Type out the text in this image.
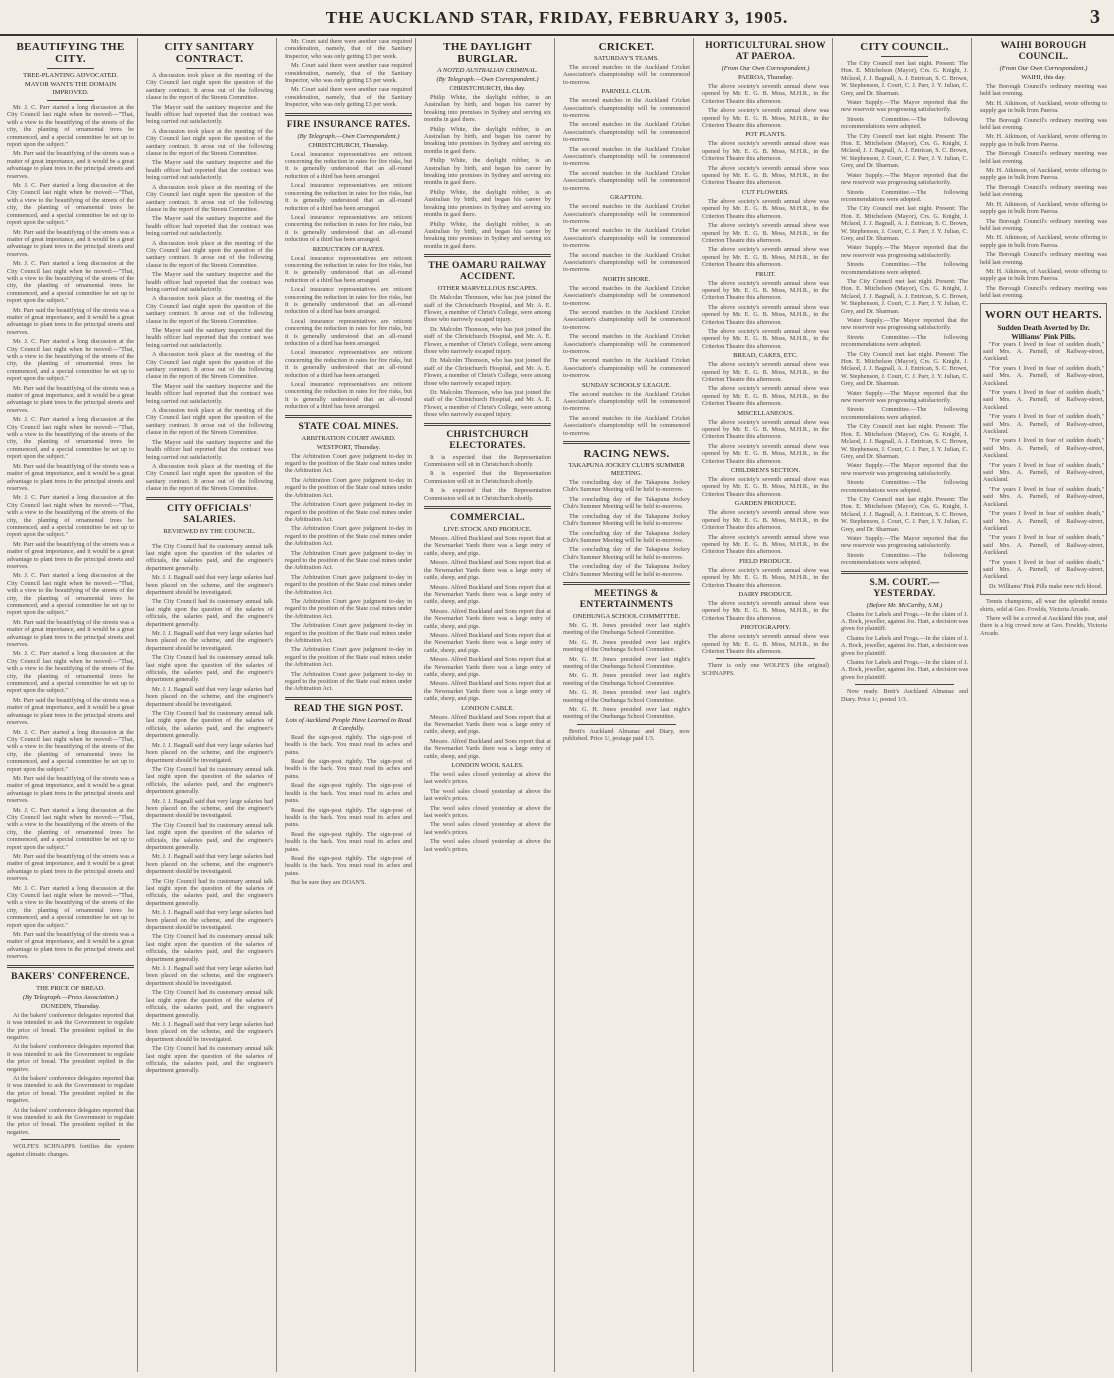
THE AUCKLAND STAR, FRIDAY, FEBRUARY 3, 1905.	3
BEAUTIFYING THE CITY.
TREE-PLANTING ADVOCATED.
MAYOR WANTS THE DOMAIN IMPROVED.

Mr. J. C. Parr started a long discussion at the City Council last night when he moved:—"That, with a view to the beautifying of the streets of the city, the planting of ornamental trees be commenced, and a special committee be set up to report upon the subject."

Mr. Parr said the beautifying of the streets was a matter of great importance, and it would be a great advantage to plant trees in the principal streets and reserves.

Mr. J. C. Parr started a long discussion at the City Council last night when he moved:—"That, with a view to the beautifying of the streets of the city, the planting of ornamental trees be commenced, and a special committee be set up to report upon the subject."

Mr. Parr said the beautifying of the streets was a matter of great importance, and it would be a great advantage to plant trees in the principal streets and reserves.

Mr. J. C. Parr started a long discussion at the City Council last night when he moved:—"That, with a view to the beautifying of the streets of the city, the planting of ornamental trees be commenced, and a special committee be set up to report upon the subject."

Mr. Parr said the beautifying of the streets was a matter of great importance, and it would be a great advantage to plant trees in the principal streets and reserves.

Mr. J. C. Parr started a long discussion at the City Council last night when he moved:—"That, with a view to the beautifying of the streets of the city, the planting of ornamental trees be commenced, and a special committee be set up to report upon the subject."

Mr. Parr said the beautifying of the streets was a matter of great importance, and it would be a great advantage to plant trees in the principal streets and reserves.

Mr. J. C. Parr started a long discussion at the City Council last night when he moved:—"That, with a view to the beautifying of the streets of the city, the planting of ornamental trees be commenced, and a special committee be set up to report upon the subject."

Mr. Parr said the beautifying of the streets was a matter of great importance, and it would be a great advantage to plant trees in the principal streets and reserves.

Mr. J. C. Parr started a long discussion at the City Council last night when he moved:—"That, with a view to the beautifying of the streets of the city, the planting of ornamental trees be commenced, and a special committee be set up to report upon the subject."

Mr. Parr said the beautifying of the streets was a matter of great importance, and it would be a great advantage to plant trees in the principal streets and reserves.

Mr. J. C. Parr started a long discussion at the City Council last night when he moved:—"That, with a view to the beautifying of the streets of the city, the planting of ornamental trees be commenced, and a special committee be set up to report upon the subject."

Mr. Parr said the beautifying of the streets was a matter of great importance, and it would be a great advantage to plant trees in the principal streets and reserves.

Mr. J. C. Parr started a long discussion at the City Council last night when he moved:—"That, with a view to the beautifying of the streets of the city, the planting of ornamental trees be commenced, and a special committee be set up to report upon the subject."

Mr. Parr said the beautifying of the streets was a matter of great importance, and it would be a great advantage to plant trees in the principal streets and reserves.

Mr. J. C. Parr started a long discussion at the City Council last night when he moved:—"That, with a view to the beautifying of the streets of the city, the planting of ornamental trees be commenced, and a special committee be set up to report upon the subject."

Mr. Parr said the beautifying of the streets was a matter of great importance, and it would be a great advantage to plant trees in the principal streets and reserves.

Mr. J. C. Parr started a long discussion at the City Council last night when he moved:—"That, with a view to the beautifying of the streets of the city, the planting of ornamental trees be commenced, and a special committee be set up to report upon the subject."

Mr. Parr said the beautifying of the streets was a matter of great importance, and it would be a great advantage to plant trees in the principal streets and reserves.

Mr. J. C. Parr started a long discussion at the City Council last night when he moved:—"That, with a view to the beautifying of the streets of the city, the planting of ornamental trees be commenced, and a special committee be set up to report upon the subject."

Mr. Parr said the beautifying of the streets was a matter of great importance, and it would be a great advantage to plant trees in the principal streets and reserves.

BAKERS' CONFERENCE.
THE PRICE OF BREAD.
(By Telegraph.—Press Association.)
DUNEDIN, Thursday.

At the bakers' conference delegates reported that it was intended to ask the Government to regulate the price of bread. The president replied in the negative.

At the bakers' conference delegates reported that it was intended to ask the Government to regulate the price of bread. The president replied in the negative.

At the bakers' conference delegates reported that it was intended to ask the Government to regulate the price of bread. The president replied in the negative.

At the bakers' conference delegates reported that it was intended to ask the Government to regulate the price of bread. The president replied in the negative.

WOLFE'S SCHNAPPS fortifies the system against climatic changes.

CITY SANITARY CONTRACT.

A discussion took place at the meeting of the City Council last night upon the question of the sanitary contract. It arose out of the following clause in the report of the Streets Committee.

The Mayor said the sanitary inspector and the health officer had reported that the contract was being carried out satisfactorily.

A discussion took place at the meeting of the City Council last night upon the question of the sanitary contract. It arose out of the following clause in the report of the Streets Committee.

The Mayor said the sanitary inspector and the health officer had reported that the contract was being carried out satisfactorily.

A discussion took place at the meeting of the City Council last night upon the question of the sanitary contract. It arose out of the following clause in the report of the Streets Committee.

The Mayor said the sanitary inspector and the health officer had reported that the contract was being carried out satisfactorily.

A discussion took place at the meeting of the City Council last night upon the question of the sanitary contract. It arose out of the following clause in the report of the Streets Committee.

The Mayor said the sanitary inspector and the health officer had reported that the contract was being carried out satisfactorily.

A discussion took place at the meeting of the City Council last night upon the question of the sanitary contract. It arose out of the following clause in the report of the Streets Committee.

The Mayor said the sanitary inspector and the health officer had reported that the contract was being carried out satisfactorily.

A discussion took place at the meeting of the City Council last night upon the question of the sanitary contract. It arose out of the following clause in the report of the Streets Committee.

The Mayor said the sanitary inspector and the health officer had reported that the contract was being carried out satisfactorily.

A discussion took place at the meeting of the City Council last night upon the question of the sanitary contract. It arose out of the following clause in the report of the Streets Committee.

The Mayor said the sanitary inspector and the health officer had reported that the contract was being carried out satisfactorily.

A discussion took place at the meeting of the City Council last night upon the question of the sanitary contract. It arose out of the following clause in the report of the Streets Committee.

CITY OFFICIALS' SALARIES.
REVIEWED BY THE COUNCIL.

The City Council had its customary annual talk last night upon the question of the salaries of officials, the salaries paid, and the engineer's department generally.

Mr. J. J. Bagnall said that very large salaries had been placed on the scheme, and the engineer's department should be investigated.

The City Council had its customary annual talk last night upon the question of the salaries of officials, the salaries paid, and the engineer's department generally.

Mr. J. J. Bagnall said that very large salaries had been placed on the scheme, and the engineer's department should be investigated.

The City Council had its customary annual talk last night upon the question of the salaries of officials, the salaries paid, and the engineer's department generally.

Mr. J. J. Bagnall said that very large salaries had been placed on the scheme, and the engineer's department should be investigated.

The City Council had its customary annual talk last night upon the question of the salaries of officials, the salaries paid, and the engineer's department generally.

Mr. J. J. Bagnall said that very large salaries had been placed on the scheme, and the engineer's department should be investigated.

The City Council had its customary annual talk last night upon the question of the salaries of officials, the salaries paid, and the engineer's department generally.

Mr. J. J. Bagnall said that very large salaries had been placed on the scheme, and the engineer's department should be investigated.

The City Council had its customary annual talk last night upon the question of the salaries of officials, the salaries paid, and the engineer's department generally.

Mr. J. J. Bagnall said that very large salaries had been placed on the scheme, and the engineer's department should be investigated.

The City Council had its customary annual talk last night upon the question of the salaries of officials, the salaries paid, and the engineer's department generally.

Mr. J. J. Bagnall said that very large salaries had been placed on the scheme, and the engineer's department should be investigated.

The City Council had its customary annual talk last night upon the question of the salaries of officials, the salaries paid, and the engineer's department generally.

Mr. J. J. Bagnall said that very large salaries had been placed on the scheme, and the engineer's department should be investigated.

The City Council had its customary annual talk last night upon the question of the salaries of officials, the salaries paid, and the engineer's department generally.

Mr. J. J. Bagnall said that very large salaries had been placed on the scheme, and the engineer's department should be investigated.

The City Council had its customary annual talk last night upon the question of the salaries of officials, the salaries paid, and the engineer's department generally.

Mr. Court said there were another case required consideration, namely, that of the Sanitary Inspector, who was only getting £3 per week.

Mr. Court said there were another case required consideration, namely, that of the Sanitary Inspector, who was only getting £3 per week.

Mr. Court said there were another case required consideration, namely, that of the Sanitary Inspector, who was only getting £3 per week.

FIRE INSURANCE RATES.
(By Telegraph.—Own Correspondent.)
CHRISTCHURCH, Thursday.

Local insurance representatives are reticent concerning the reduction in rates for fire risks, but it is generally understood that an all-round reduction of a third has been arranged.

Local insurance representatives are reticent concerning the reduction in rates for fire risks, but it is generally understood that an all-round reduction of a third has been arranged.

Local insurance representatives are reticent concerning the reduction in rates for fire risks, but it is generally understood that an all-round reduction of a third has been arranged.

REDUCTION OF RATES.

Local insurance representatives are reticent concerning the reduction in rates for fire risks, but it is generally understood that an all-round reduction of a third has been arranged.

Local insurance representatives are reticent concerning the reduction in rates for fire risks, but it is generally understood that an all-round reduction of a third has been arranged.

Local insurance representatives are reticent concerning the reduction in rates for fire risks, but it is generally understood that an all-round reduction of a third has been arranged.

Local insurance representatives are reticent concerning the reduction in rates for fire risks, but it is generally understood that an all-round reduction of a third has been arranged.

Local insurance representatives are reticent concerning the reduction in rates for fire risks, but it is generally understood that an all-round reduction of a third has been arranged.

STATE COAL MINES.
ARBITRATION COURT AWARD.
WESTPORT, Thursday.

The Arbitration Court gave judgment to-day in regard to the position of the State coal mines under the Arbitration Act.

The Arbitration Court gave judgment to-day in regard to the position of the State coal mines under the Arbitration Act.

The Arbitration Court gave judgment to-day in regard to the position of the State coal mines under the Arbitration Act.

The Arbitration Court gave judgment to-day in regard to the position of the State coal mines under the Arbitration Act.

The Arbitration Court gave judgment to-day in regard to the position of the State coal mines under the Arbitration Act.

The Arbitration Court gave judgment to-day in regard to the position of the State coal mines under the Arbitration Act.

The Arbitration Court gave judgment to-day in regard to the position of the State coal mines under the Arbitration Act.

The Arbitration Court gave judgment to-day in regard to the position of the State coal mines under the Arbitration Act.

The Arbitration Court gave judgment to-day in regard to the position of the State coal mines under the Arbitration Act.

The Arbitration Court gave judgment to-day in regard to the position of the State coal mines under the Arbitration Act.

READ THE SIGN POST.
Lots of Auckland People Have Learned to Read It Carefully.

Read the sign-post rightly. The sign-post of health is the back. You must read its aches and pains.

Read the sign-post rightly. The sign-post of health is the back. You must read its aches and pains.

Read the sign-post rightly. The sign-post of health is the back. You must read its aches and pains.

Read the sign-post rightly. The sign-post of health is the back. You must read its aches and pains.

Read the sign-post rightly. The sign-post of health is the back. You must read its aches and pains.

Read the sign-post rightly. The sign-post of health is the back. You must read its aches and pains.

But be sure they are DOAN'S.

THE DAYLIGHT BURGLAR.
A NOTED AUSTRALIAN CRIMINAL.
(By Telegraph.—Own Correspondent.)
CHRISTCHURCH, this day.

Philip White, the daylight robber, is an Australian by birth, and began his career by breaking into premises in Sydney and serving six months in gaol there.

Philip White, the daylight robber, is an Australian by birth, and began his career by breaking into premises in Sydney and serving six months in gaol there.

Philip White, the daylight robber, is an Australian by birth, and began his career by breaking into premises in Sydney and serving six months in gaol there.

Philip White, the daylight robber, is an Australian by birth, and began his career by breaking into premises in Sydney and serving six months in gaol there.

Philip White, the daylight robber, is an Australian by birth, and began his career by breaking into premises in Sydney and serving six months in gaol there.

THE OAMARU RAILWAY ACCIDENT.
OTHER MARVELLOUS ESCAPES.

Dr. Malcolm Thomson, who has just joined the staff of the Christchurch Hospital, and Mr. A. E. Flower, a member of Christ's College, were among those who narrowly escaped injury.

Dr. Malcolm Thomson, who has just joined the staff of the Christchurch Hospital, and Mr. A. E. Flower, a member of Christ's College, were among those who narrowly escaped injury.

Dr. Malcolm Thomson, who has just joined the staff of the Christchurch Hospital, and Mr. A. E. Flower, a member of Christ's College, were among those who narrowly escaped injury.

Dr. Malcolm Thomson, who has just joined the staff of the Christchurch Hospital, and Mr. A. E. Flower, a member of Christ's College, were among those who narrowly escaped injury.

CHRISTCHURCH ELECTORATES.

It is expected that the Representation Commission will sit in Christchurch shortly.

It is expected that the Representation Commission will sit in Christchurch shortly.

It is expected that the Representation Commission will sit in Christchurch shortly.

COMMERCIAL.
LIVE STOCK AND PRODUCE.

Messrs. Alfred Buckland and Sons report that at the Newmarket Yards there was a large entry of cattle, sheep, and pigs.

Messrs. Alfred Buckland and Sons report that at the Newmarket Yards there was a large entry of cattle, sheep, and pigs.

Messrs. Alfred Buckland and Sons report that at the Newmarket Yards there was a large entry of cattle, sheep, and pigs.

Messrs. Alfred Buckland and Sons report that at the Newmarket Yards there was a large entry of cattle, sheep, and pigs.

Messrs. Alfred Buckland and Sons report that at the Newmarket Yards there was a large entry of cattle, sheep, and pigs.

Messrs. Alfred Buckland and Sons report that at the Newmarket Yards there was a large entry of cattle, sheep, and pigs.

Messrs. Alfred Buckland and Sons report that at the Newmarket Yards there was a large entry of cattle, sheep, and pigs.

LONDON CABLE.

Messrs. Alfred Buckland and Sons report that at the Newmarket Yards there was a large entry of cattle, sheep, and pigs.

Messrs. Alfred Buckland and Sons report that at the Newmarket Yards there was a large entry of cattle, sheep, and pigs.

LONDON WOOL SALES.

The wool sales closed yesterday at above the last week's prices.

The wool sales closed yesterday at above the last week's prices.

The wool sales closed yesterday at above the last week's prices.

The wool sales closed yesterday at above the last week's prices.

The wool sales closed yesterday at above the last week's prices.

CRICKET.
SATURDAY'S TEAMS.

The second matches in the Auckland Cricket Association's championship will be commenced to-morrow.

PARNELL CLUB.

The second matches in the Auckland Cricket Association's championship will be commenced to-morrow.

The second matches in the Auckland Cricket Association's championship will be commenced to-morrow.

The second matches in the Auckland Cricket Association's championship will be commenced to-morrow.

The second matches in the Auckland Cricket Association's championship will be commenced to-morrow.

GRAFTON.

The second matches in the Auckland Cricket Association's championship will be commenced to-morrow.

The second matches in the Auckland Cricket Association's championship will be commenced to-morrow.

The second matches in the Auckland Cricket Association's championship will be commenced to-morrow.

NORTH SHORE.

The second matches in the Auckland Cricket Association's championship will be commenced to-morrow.

The second matches in the Auckland Cricket Association's championship will be commenced to-morrow.

The second matches in the Auckland Cricket Association's championship will be commenced to-morrow.

The second matches in the Auckland Cricket Association's championship will be commenced to-morrow.

SUNDAY SCHOOLS' LEAGUE.

The second matches in the Auckland Cricket Association's championship will be commenced to-morrow.

The second matches in the Auckland Cricket Association's championship will be commenced to-morrow.

RACING NEWS.
TAKAPUNA JOCKEY CLUB'S SUMMER MEETING.

The concluding day of the Takapuna Jockey Club's Summer Meeting will be held to-morrow.

The concluding day of the Takapuna Jockey Club's Summer Meeting will be held to-morrow.

The concluding day of the Takapuna Jockey Club's Summer Meeting will be held to-morrow.

The concluding day of the Takapuna Jockey Club's Summer Meeting will be held to-morrow.

The concluding day of the Takapuna Jockey Club's Summer Meeting will be held to-morrow.

The concluding day of the Takapuna Jockey Club's Summer Meeting will be held to-morrow.

MEETINGS & ENTERTAINMENTS
ONEHUNGA SCHOOL COMMITTEE.

Mr. G. H. Jones presided over last night's meeting of the Onehunga School Committee.

Mr. G. H. Jones presided over last night's meeting of the Onehunga School Committee.

Mr. G. H. Jones presided over last night's meeting of the Onehunga School Committee.

Mr. G. H. Jones presided over last night's meeting of the Onehunga School Committee.

Mr. G. H. Jones presided over last night's meeting of the Onehunga School Committee.

Mr. G. H. Jones presided over last night's meeting of the Onehunga School Committee.

Brett's Auckland Almanac and Diary, now published. Price 1/, postage paid 1/3.

HORTICULTURAL SHOW AT PAEROA.
(From Our Own Correspondent.)
PAEROA, Thursday.

The above society's seventh annual show was opened by Mr. E. G. B. Moss, M.H.R., in the Criterion Theatre this afternoon.

The above society's seventh annual show was opened by Mr. E. G. B. Moss, M.H.R., in the Criterion Theatre this afternoon.

POT PLANTS.

The above society's seventh annual show was opened by Mr. E. G. B. Moss, M.H.R., in the Criterion Theatre this afternoon.

The above society's seventh annual show was opened by Mr. E. G. B. Moss, M.H.R., in the Criterion Theatre this afternoon.

CUT FLOWERS.

The above society's seventh annual show was opened by Mr. E. G. B. Moss, M.H.R., in the Criterion Theatre this afternoon.

The above society's seventh annual show was opened by Mr. E. G. B. Moss, M.H.R., in the Criterion Theatre this afternoon.

The above society's seventh annual show was opened by Mr. E. G. B. Moss, M.H.R., in the Criterion Theatre this afternoon.

FRUIT.

The above society's seventh annual show was opened by Mr. E. G. B. Moss, M.H.R., in the Criterion Theatre this afternoon.

The above society's seventh annual show was opened by Mr. E. G. B. Moss, M.H.R., in the Criterion Theatre this afternoon.

The above society's seventh annual show was opened by Mr. E. G. B. Moss, M.H.R., in the Criterion Theatre this afternoon.

BREAD, CAKES, ETC.

The above society's seventh annual show was opened by Mr. E. G. B. Moss, M.H.R., in the Criterion Theatre this afternoon.

The above society's seventh annual show was opened by Mr. E. G. B. Moss, M.H.R., in the Criterion Theatre this afternoon.

MISCELLANEOUS.

The above society's seventh annual show was opened by Mr. E. G. B. Moss, M.H.R., in the Criterion Theatre this afternoon.

The above society's seventh annual show was opened by Mr. E. G. B. Moss, M.H.R., in the Criterion Theatre this afternoon.

CHILDREN'S SECTION.

The above society's seventh annual show was opened by Mr. E. G. B. Moss, M.H.R., in the Criterion Theatre this afternoon.

GARDEN PRODUCE.

The above society's seventh annual show was opened by Mr. E. G. B. Moss, M.H.R., in the Criterion Theatre this afternoon.

The above society's seventh annual show was opened by Mr. E. G. B. Moss, M.H.R., in the Criterion Theatre this afternoon.

FIELD PRODUCE.

The above society's seventh annual show was opened by Mr. E. G. B. Moss, M.H.R., in the Criterion Theatre this afternoon.

DAIRY PRODUCE.

The above society's seventh annual show was opened by Mr. E. G. B. Moss, M.H.R., in the Criterion Theatre this afternoon.

PHOTOGRAPHY.

The above society's seventh annual show was opened by Mr. E. G. B. Moss, M.H.R., in the Criterion Theatre this afternoon.

There is only one WOLFE'S (the original) SCHNAPPS.

CITY COUNCIL.

The City Council met last night. Present: The Hon. E. Mitchelson (Mayor), Crs. G. Knight, J. Mclaod, J. J. Bagnall, A. J. Entrican, S. C. Brown, W. Stephenson, J. Court, C. J. Parr, J. Y. Julian, C. Grey, and Dr. Sharman.

Water Supply.—The Mayor reported that the new reservoir was progressing satisfactorily.

Streets Committee.—The following recommendations were adopted.

The City Council met last night. Present: The Hon. E. Mitchelson (Mayor), Crs. G. Knight, J. Mclaod, J. J. Bagnall, A. J. Entrican, S. C. Brown, W. Stephenson, J. Court, C. J. Parr, J. Y. Julian, C. Grey, and Dr. Sharman.

Water Supply.—The Mayor reported that the new reservoir was progressing satisfactorily.

Streets Committee.—The following recommendations were adopted.

The City Council met last night. Present: The Hon. E. Mitchelson (Mayor), Crs. G. Knight, J. Mclaod, J. J. Bagnall, A. J. Entrican, S. C. Brown, W. Stephenson, J. Court, C. J. Parr, J. Y. Julian, C. Grey, and Dr. Sharman.

Water Supply.—The Mayor reported that the new reservoir was progressing satisfactorily.

Streets Committee.—The following recommendations were adopted.

The City Council met last night. Present: The Hon. E. Mitchelson (Mayor), Crs. G. Knight, J. Mclaod, J. J. Bagnall, A. J. Entrican, S. C. Brown, W. Stephenson, J. Court, C. J. Parr, J. Y. Julian, C. Grey, and Dr. Sharman.

Water Supply.—The Mayor reported that the new reservoir was progressing satisfactorily.

Streets Committee.—The following recommendations were adopted.

The City Council met last night. Present: The Hon. E. Mitchelson (Mayor), Crs. G. Knight, J. Mclaod, J. J. Bagnall, A. J. Entrican, S. C. Brown, W. Stephenson, J. Court, C. J. Parr, J. Y. Julian, C. Grey, and Dr. Sharman.

Water Supply.—The Mayor reported that the new reservoir was progressing satisfactorily.

Streets Committee.—The following recommendations were adopted.

The City Council met last night. Present: The Hon. E. Mitchelson (Mayor), Crs. G. Knight, J. Mclaod, J. J. Bagnall, A. J. Entrican, S. C. Brown, W. Stephenson, J. Court, C. J. Parr, J. Y. Julian, C. Grey, and Dr. Sharman.

Water Supply.—The Mayor reported that the new reservoir was progressing satisfactorily.

Streets Committee.—The following recommendations were adopted.

The City Council met last night. Present: The Hon. E. Mitchelson (Mayor), Crs. G. Knight, J. Mclaod, J. J. Bagnall, A. J. Entrican, S. C. Brown, W. Stephenson, J. Court, C. J. Parr, J. Y. Julian, C. Grey, and Dr. Sharman.

Water Supply.—The Mayor reported that the new reservoir was progressing satisfactorily.

Streets Committee.—The following recommendations were adopted.

S.M. COURT.—YESTERDAY.
(Before Mr. McCarthy, S.M.)

Chains for Labels and Frogs.—In the claim of J. A. Bock, jeweller, against Jos. Hart, a decision was given for plaintiff.

Chains for Labels and Frogs.—In the claim of J. A. Bock, jeweller, against Jos. Hart, a decision was given for plaintiff.

Chains for Labels and Frogs.—In the claim of J. A. Bock, jeweller, against Jos. Hart, a decision was given for plaintiff.

Now ready. Brett's Auckland Almanac and Diary. Price 1/, posted 1/3.

WAIHI BOROUGH COUNCIL.
(From Our Own Correspondent.)
WAIHI, this day.

The Borough Council's ordinary meeting was held last evening.

Mr. H. Atkinson, of Auckland, wrote offering to supply gas in bulk from Paeroa.

The Borough Council's ordinary meeting was held last evening.

Mr. H. Atkinson, of Auckland, wrote offering to supply gas in bulk from Paeroa.

The Borough Council's ordinary meeting was held last evening.

Mr. H. Atkinson, of Auckland, wrote offering to supply gas in bulk from Paeroa.

The Borough Council's ordinary meeting was held last evening.

Mr. H. Atkinson, of Auckland, wrote offering to supply gas in bulk from Paeroa.

The Borough Council's ordinary meeting was held last evening.

Mr. H. Atkinson, of Auckland, wrote offering to supply gas in bulk from Paeroa.

The Borough Council's ordinary meeting was held last evening.

Mr. H. Atkinson, of Auckland, wrote offering to supply gas in bulk from Paeroa.

The Borough Council's ordinary meeting was held last evening.

WORN OUT HEARTS.
Sudden Death Averted by Dr. Williams' Pink Pills.

"For years I lived in fear of sudden death," said Mrs. A. Parnell, of Railway-street, Auckland.

"For years I lived in fear of sudden death," said Mrs. A. Parnell, of Railway-street, Auckland.

"For years I lived in fear of sudden death," said Mrs. A. Parnell, of Railway-street, Auckland.

"For years I lived in fear of sudden death," said Mrs. A. Parnell, of Railway-street, Auckland.

"For years I lived in fear of sudden death," said Mrs. A. Parnell, of Railway-street, Auckland.

"For years I lived in fear of sudden death," said Mrs. A. Parnell, of Railway-street, Auckland.

"For years I lived in fear of sudden death," said Mrs. A. Parnell, of Railway-street, Auckland.

"For years I lived in fear of sudden death," said Mrs. A. Parnell, of Railway-street, Auckland.

"For years I lived in fear of sudden death," said Mrs. A. Parnell, of Railway-street, Auckland.

"For years I lived in fear of sudden death," said Mrs. A. Parnell, of Railway-street, Auckland.

Dr. Williams' Pink Pills make new rich blood.

Tennis champions, all wear the splendid tennis shirts, sold at Geo. Fowlds, Victoria Arcade.

There will be a crowd at Auckland this year, and there is a big crowd now at Geo. Fowlds, Victoria Arcade.
